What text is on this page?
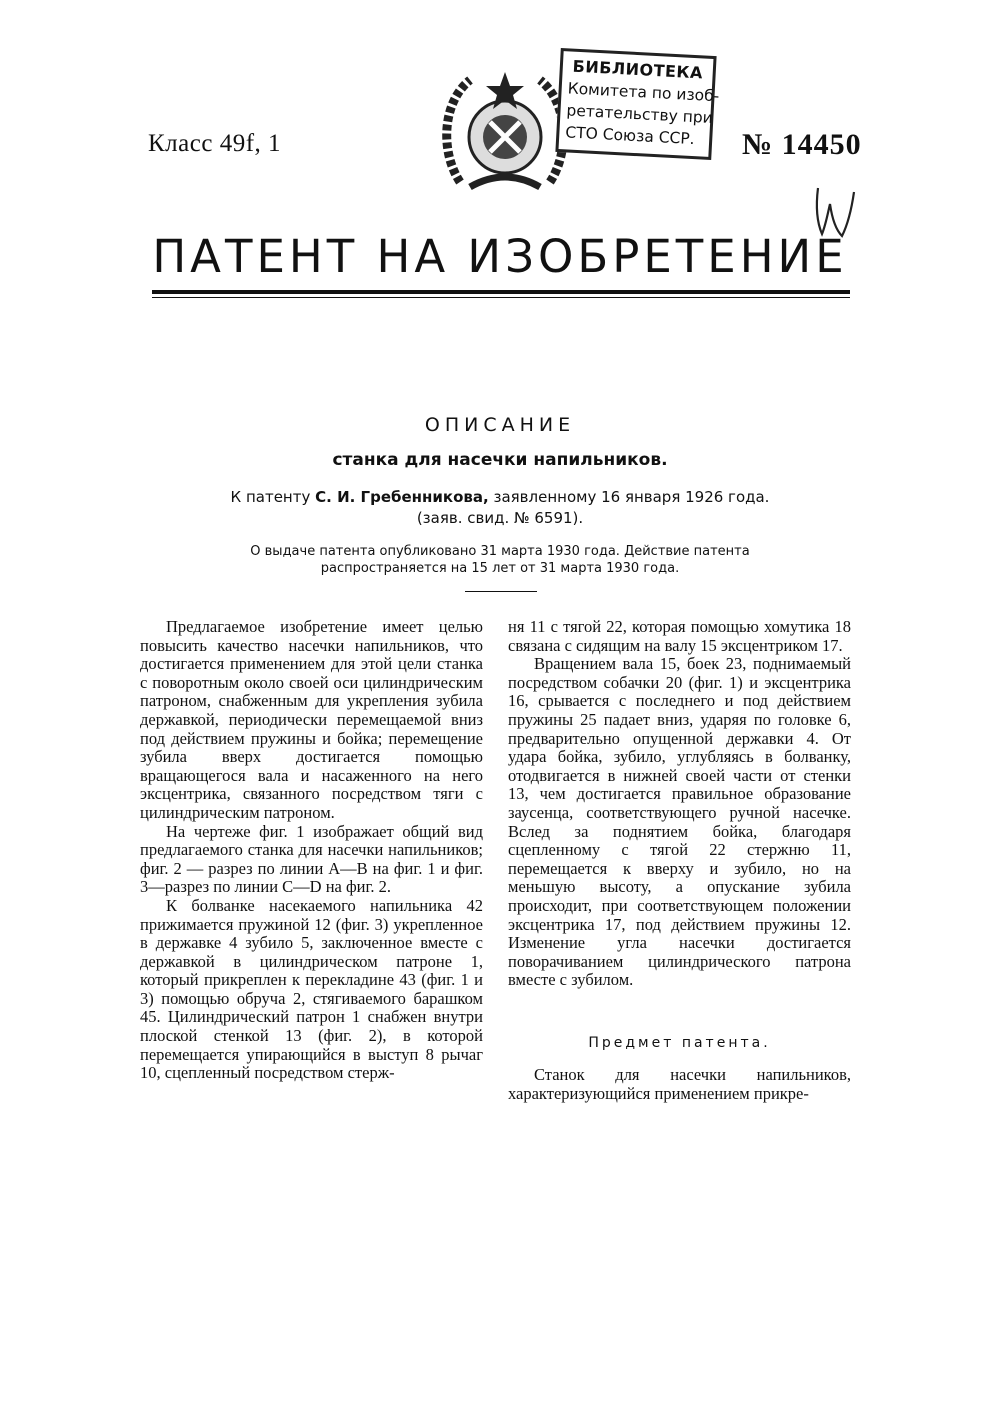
Класс 49f, 1
БИБЛИОТЕКА
Комитета по изоб-
ретательству при
СТО Союза ССР. № 14450
ПАТЕНТ НА ИЗОБРЕТЕНИЕ
ОПИСАНИЕ
станка для насечки напильников.
К патенту С. И. Гребенникова, заявленному 16 января 1926 года.
(заяв. свид. № 6591).
О выдаче патента опубликовано 31 марта 1930 года. Действие патента
распространяется на 15 лет от 31 марта 1930 года.

Предлагаемое изобретение имеет целью повысить качество насечки напильников, что достигается применением для этой цели станка с поворотным около своей оси цилиндрическим патроном, снабженным для укрепления зубила державкой, периодически перемещаемой вниз под действием пружины и бойка; перемещение зубила вверх достигается помощью вращающегося вала и насаженного на него эксцентрика, связанного посредством тяги с цилиндрическим патроном.

На чертеже фиг. 1 изображает общий вид предлагаемого станка для насечки напильников; фиг. 2 — разрез по линии A—B на фиг. 1 и фиг. 3—разрез по линии C—D на фиг. 2.

К болванке насекаемого напильника 42 прижимается пружиной 12 (фиг. 3) укрепленное в державке 4 зубило 5, заключенное вместе с державкой в цилиндрическом патроне 1, который прикреплен к перекладине 43 (фиг. 1 и 3) помощью обруча 2, стягиваемого барашком 45. Цилиндрический патрон 1 снабжен внутри плоской стенкой 13 (фиг. 2), в которой перемещается упирающийся в выступ 8 рычаг 10, сцепленный посредством стерж-

ня 11 с тягой 22, которая помощью хомутика 18 связана с сидящим на валу 15 эксцентриком 17.

Вращением вала 15, боек 23, поднимаемый посредством собачки 20 (фиг. 1) и эксцентрика 16, срывается с последнего и под действием пружины 25 падает вниз, ударяя по головке 6, предварительно опущенной державки 4. От удара бойка, зубило, углубляясь в болванку, отодвигается в нижней своей части от стенки 13, чем достигается правильное образование заусенца, соответствующего ручной насечке. Вслед за поднятием бойка, благодаря сцепленному с тягой 22 стержню 11, перемещается к вверху и зубило, но на меньшую высоту, а опускание зубила происходит, при соответствующем положении эксцентрика 17, под действием пружины 12. Изменение угла насечки достигается поворачиванием цилиндрического патрона вместе с зубилом.

Предмет патента.

Станок для насечки напильников, характеризующийся применением прикре-
